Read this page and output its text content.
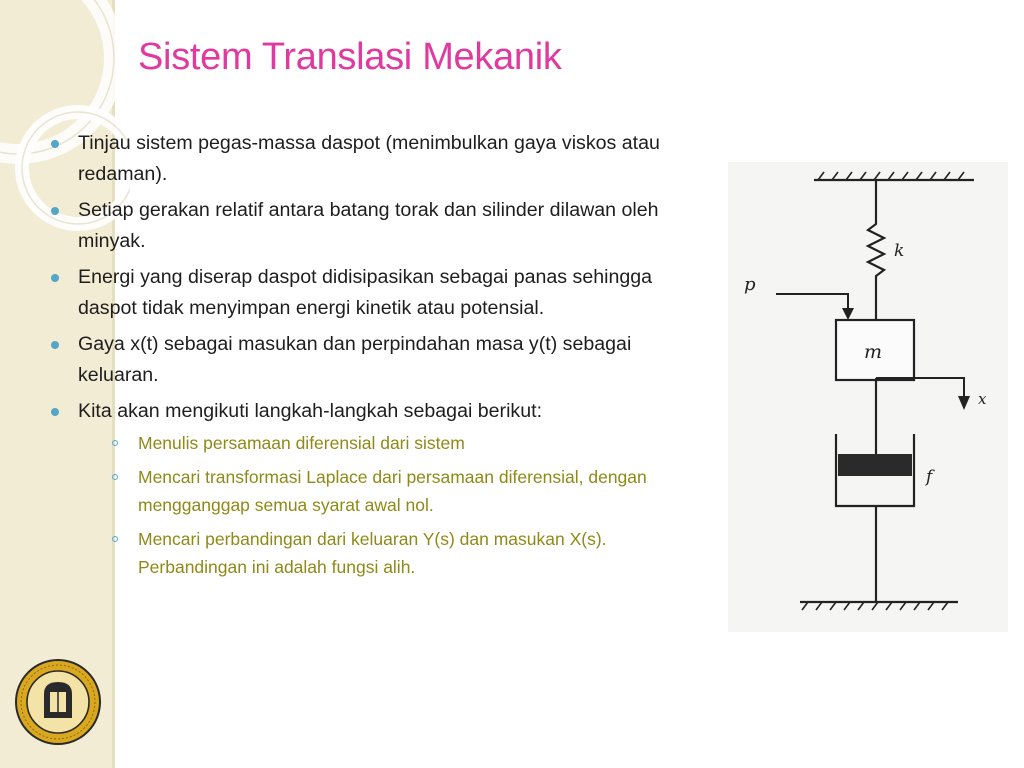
Sistem Translasi Mekanik
Tinjau sistem pegas-massa daspot (menimbulkan gaya viskos atau redaman).
Setiap gerakan relatif antara batang torak dan silinder dilawan oleh minyak.
Energi yang diserap daspot didisipasikan sebagai panas sehingga daspot tidak menyimpan energi kinetik atau potensial.
Gaya x(t) sebagai masukan dan perpindahan masa y(t) sebagai keluaran.
Kita akan mengikuti langkah-langkah sebagai berikut:
Menulis persamaan diferensial dari sistem
Mencari transformasi Laplace dari persamaan diferensial, dengan mengganggap semua syarat awal nol.
Mencari perbandingan dari keluaran Y(s) dan masukan X(s). Perbandingan ini adalah fungsi alih.
k
p
m
x
f
